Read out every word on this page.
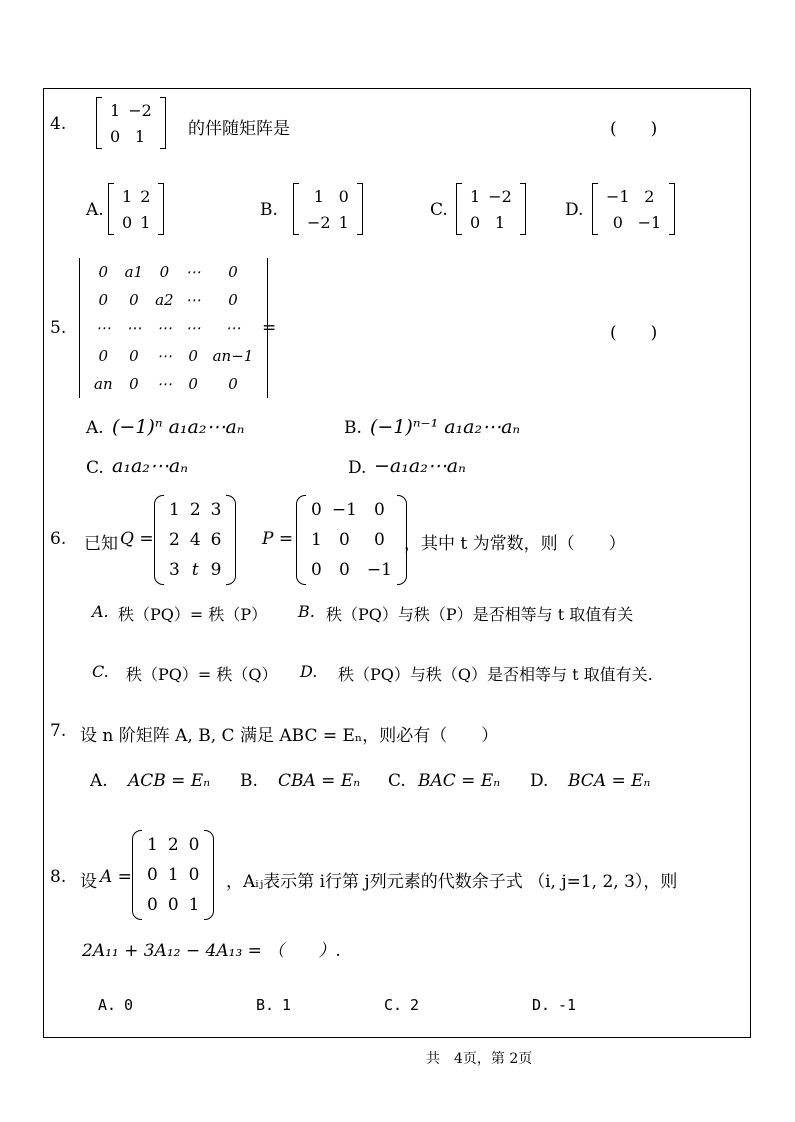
4.
1	−2
0	1	的伴随矩阵是	(　　)
A.
1	2
0	1
B.
1	0
−2	1
C.
1	−2
0	1
D.
−1	2
0	−1
5.
0	a1	0	⋯	0
0	0	a2	⋯	0
⋯	⋯	⋯	⋯	⋯
0	0	⋯	0	an−1
an	0	⋯	0	0
=	(　　)
A. (−1)ⁿ a₁a₂⋯aₙ	B. (−1)ⁿ⁻¹ a₁a₂⋯aₙ
C. a₁a₂⋯aₙ	D. −a₁a₂⋯aₙ
6. 已知 Q =
1	2	3
2	4	6
3	t	9
P =
0	−1	0
1	0	0
0	0	−1
，其中 t 为常数，则（　　）
A. 秩（PQ）= 秩（P） B. 秩（PQ）与秩（P）是否相等与 t 取值有关
C. 秩（PQ）= 秩（Q） D. 秩（PQ）与秩（Q）是否相等与 t 取值有关.
7. 设 n 阶矩阵 A, B, C 满足 ABC = Eₙ，则必有（　　）
A. ACB = Eₙ B. CBA = Eₙ C. BAC = Eₙ D. BCA = Eₙ
8. 设 A =
1	2	0
0	1	0
0	0	1
，Aᵢⱼ表示第 i行第 j列元素的代数余子式 （i, j=1, 2, 3），则
2A₁₁ + 3A₁₂ − 4A₁₃ = （　　）.
A. 0	B. 1	C. 2	D. -1
共　4页，第 2页
